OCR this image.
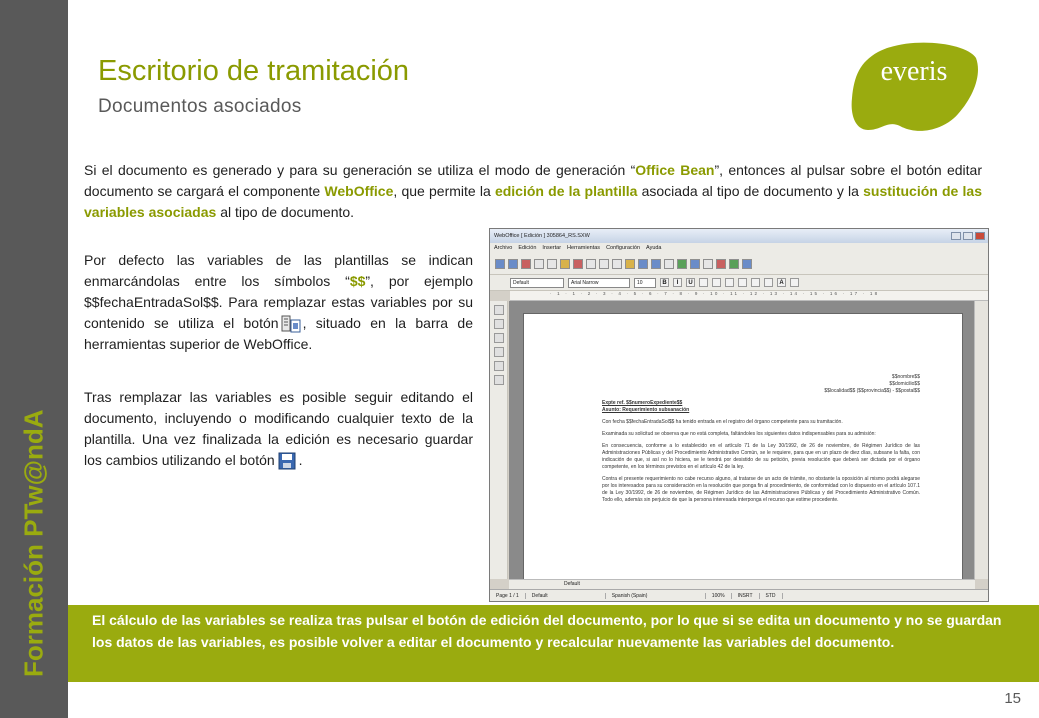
Formación PTw@ndA
Escritorio de tramitación
Documentos asociados
everis
Si el documento es generado y para su generación se utiliza el modo de generación “Office Bean”, entonces al pulsar sobre el botón editar documento se cargará el componente WebOffice, que permite la edición de la plantilla asociada al tipo de documento y la sustitución de las variables asociadas al tipo de documento.
Por defecto las variables de las plantillas se indican enmarcándolas entre los símbolos “$$”, por ejemplo $$fechaEntradaSol$$. Para remplazar estas variables por su contenido se utiliza el botón , situado en la barra de herramientas superior de WebOffice.
Tras remplazar las variables es posible seguir editando el documento, incluyendo o modificando cualquier texto de la plantilla. Una vez finalizada la edición es necesario guardar los cambios utilizando el botón .
WebOffice [ Edición ] 305864_RS.SXW
Archivo Edición Insertar Herramientas Configuración Ayuda
Default	Arial Narrow	10	B	I	U	A
· 1 · 1 · 2 · 3 · 4 · 5 · 6 · 7 · 8 · 9 · 10 · 11 · 12 · 13 · 14 · 15 · 16 · 17 · 18
$$nombre$$
$$domicilio$$
$$localidad$$ ($$provincia$$) - $$postal$$

Expte ref. $$numeroExpediente$$

Asunto: Requerimiento subsanación

Con fecha $$fechaEntradaSol$$ ha tenido entrada en el registro del órgano competente para su tramitación.

Examinada su solicitud se observa que no está completa, faltándoles los siguientes datos indispensables para su admisión:

En consecuencia, conforme a lo establecido en el artículo 71 de la Ley 30/1992, de 26 de noviembre, de Régimen Jurídico de las Administraciones Públicas y del Procedimiento Administrativo Común, se le requiere, para que en un plazo de diez días, subsane la falta, con indicación de que, si así no lo hiciera, se le tendrá por desistido de su petición, previa resolución que deberá ser dictada por el órgano competente, en los términos previstos en el artículo 42 de la ley.

Contra el presente requerimiento no cabe recurso alguno, al tratarse de un acto de trámite, no obstante la oposición al mismo podrá alegarse por los interesados para su consideración en la resolución que ponga fin al procedimiento, de conformidad con lo dispuesto en el artículo 107.1 de la Ley 30/1992, de 26 de noviembre, de Régimen Jurídico de las Administraciones Públicas y del Procedimiento Administrativo Común. Todo ello, además sin perjuicio de que la persona interesada interponga el recurso que estime procedente.

Default
Page 1 / 1	Default	Spanish (Spain)	100%	INSRT	STD
El cálculo de las variables se realiza tras pulsar el botón de edición del documento, por lo que si se edita un documento y no se guardan los datos de las variables, es posible volver a editar el documento y recalcular nuevamente las variables del documento.
15
